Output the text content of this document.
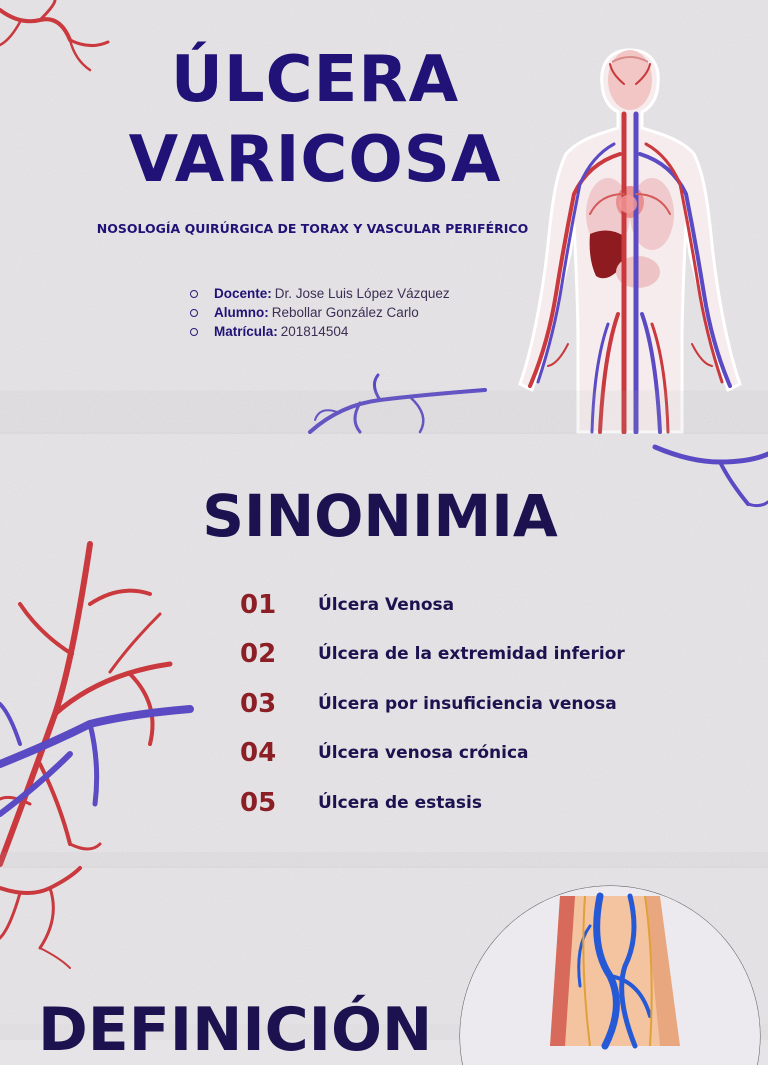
ÚLCERA
VARICOSA
NOSOLOGÍA QUIRÚRGICA DE TORAX Y VASCULAR PERIFÉRICO
Docente: Dr. Jose Luis López Vázquez
Alumno: Rebollar González Carlo
Matrícula: 201814504
SINONIMIA
01	Úlcera Venosa
02	Úlcera de la extremidad inferior
03	Úlcera por insuficiencia venosa
04	Úlcera venosa crónica
05	Úlcera de estasis
DEFINICIÓN
